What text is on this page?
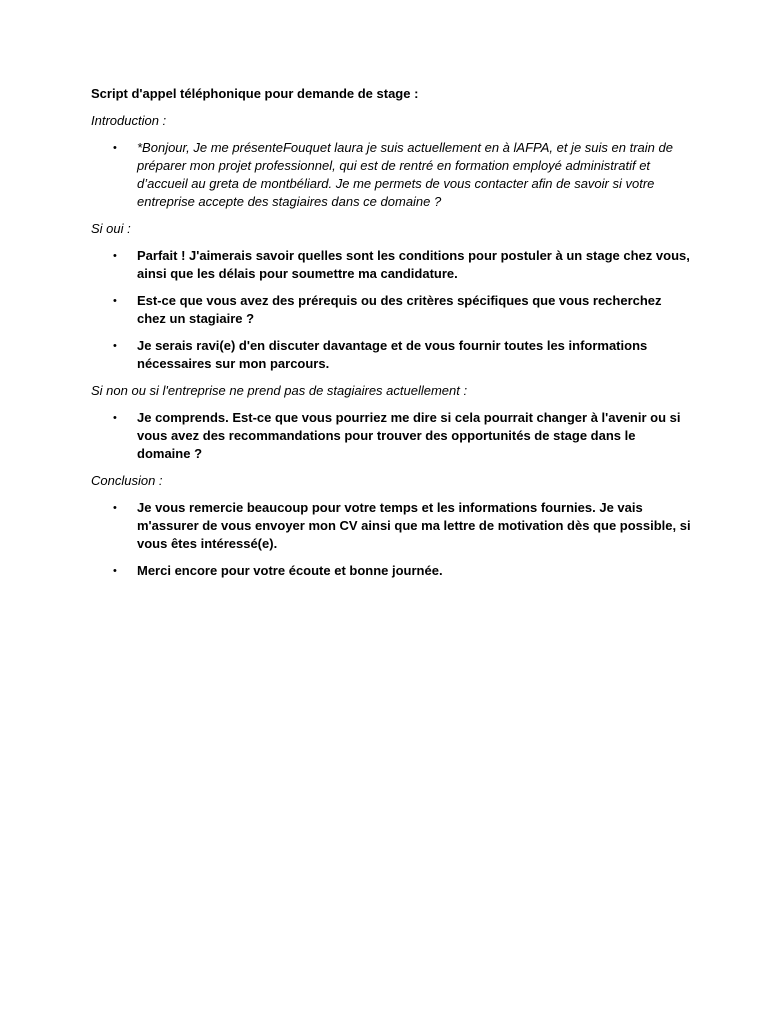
Script d'appel téléphonique pour demande de stage :

Introduction :

•	*Bonjour, Je me présenteFouquet laura je suis actuellement en à lAFPA, et je suis en train de préparer mon projet professionnel, qui est de rentré en formation employé administratif et d’accueil au greta de montbéliard. Je me permets de vous contacter afin de savoir si votre entreprise accepte des stagiaires dans ce domaine ?

Si oui :

•	Parfait ! J'aimerais savoir quelles sont les conditions pour postuler à un stage chez vous, ainsi que les délais pour soumettre ma candidature.
•	Est-ce que vous avez des prérequis ou des critères spécifiques que vous recherchez chez un stagiaire ?
•	Je serais ravi(e) d'en discuter davantage et de vous fournir toutes les informations nécessaires sur mon parcours.

Si non ou si l'entreprise ne prend pas de stagiaires actuellement :

•	Je comprends. Est-ce que vous pourriez me dire si cela pourrait changer à l'avenir ou si vous avez des recommandations pour trouver des opportunités de stage dans le domaine ?

Conclusion :

•	Je vous remercie beaucoup pour votre temps et les informations fournies. Je vais m'assurer de vous envoyer mon CV ainsi que ma lettre de motivation dès que possible, si vous êtes intéressé(e).
•	Merci encore pour votre écoute et bonne journée.
